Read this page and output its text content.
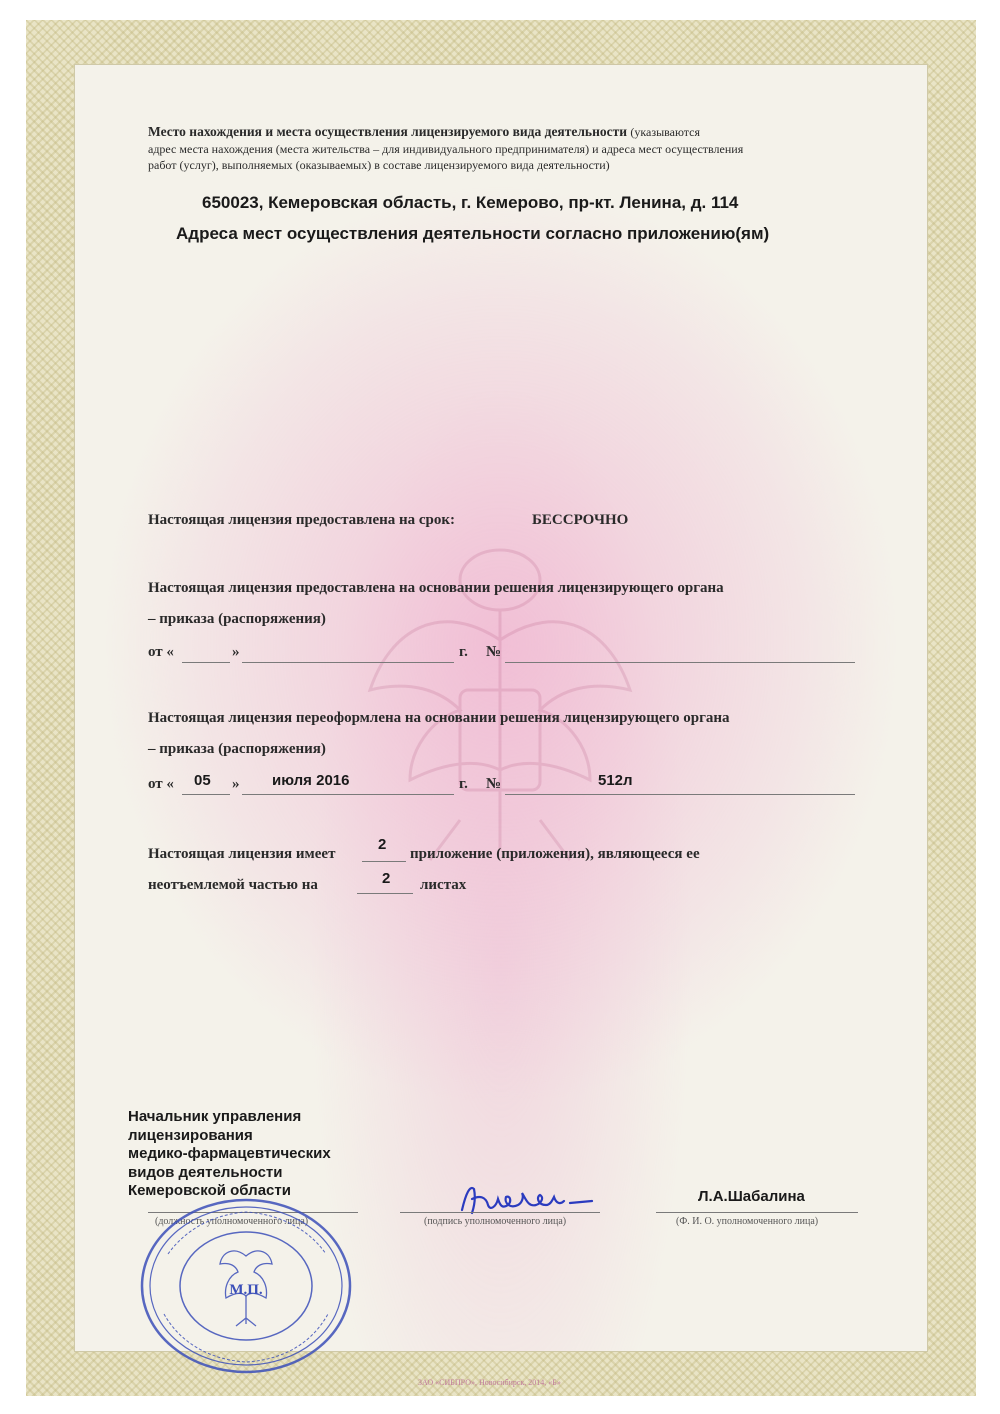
Место нахождения и места осуществления лицензируемого вида деятельности (указываются
адрес места нахождения (места жительства – для индивидуального предпринимателя) и адреса мест осуществления
работ (услуг), выполняемых (оказываемых) в составе лицензируемого вида деятельности)
650023, Кемеровская область, г. Кемерово, пр-кт. Ленина, д. 114
Адреса мест осуществления деятельности согласно приложению(ям)
Настоящая лицензия предоставлена на срок:	БЕССРОЧНО
Настоящая лицензия предоставлена на основании решения лицензирующего органа
– приказа (распоряжения)
от «	»	г. №
Настоящая лицензия переоформлена на основании решения лицензирующего органа
– приказа (распоряжения)
от « 05 » июля 2016	г. №	512л
Настоящая лицензия имеет
2
приложение (приложения), являющееся ее
неотъемлемой частью на	2 листах
Начальник управления
лицензирования
медико-фармацевтических
видов деятельности
Кемеровской области
(должность уполномоченного лица)	(подпись уполномоченного лица)
Л.А.Шабалина
(Ф. И. О. уполномоченного лица)
М.П.
ЗАО «СИБПРО», Новосибирск, 2014, «Б»
